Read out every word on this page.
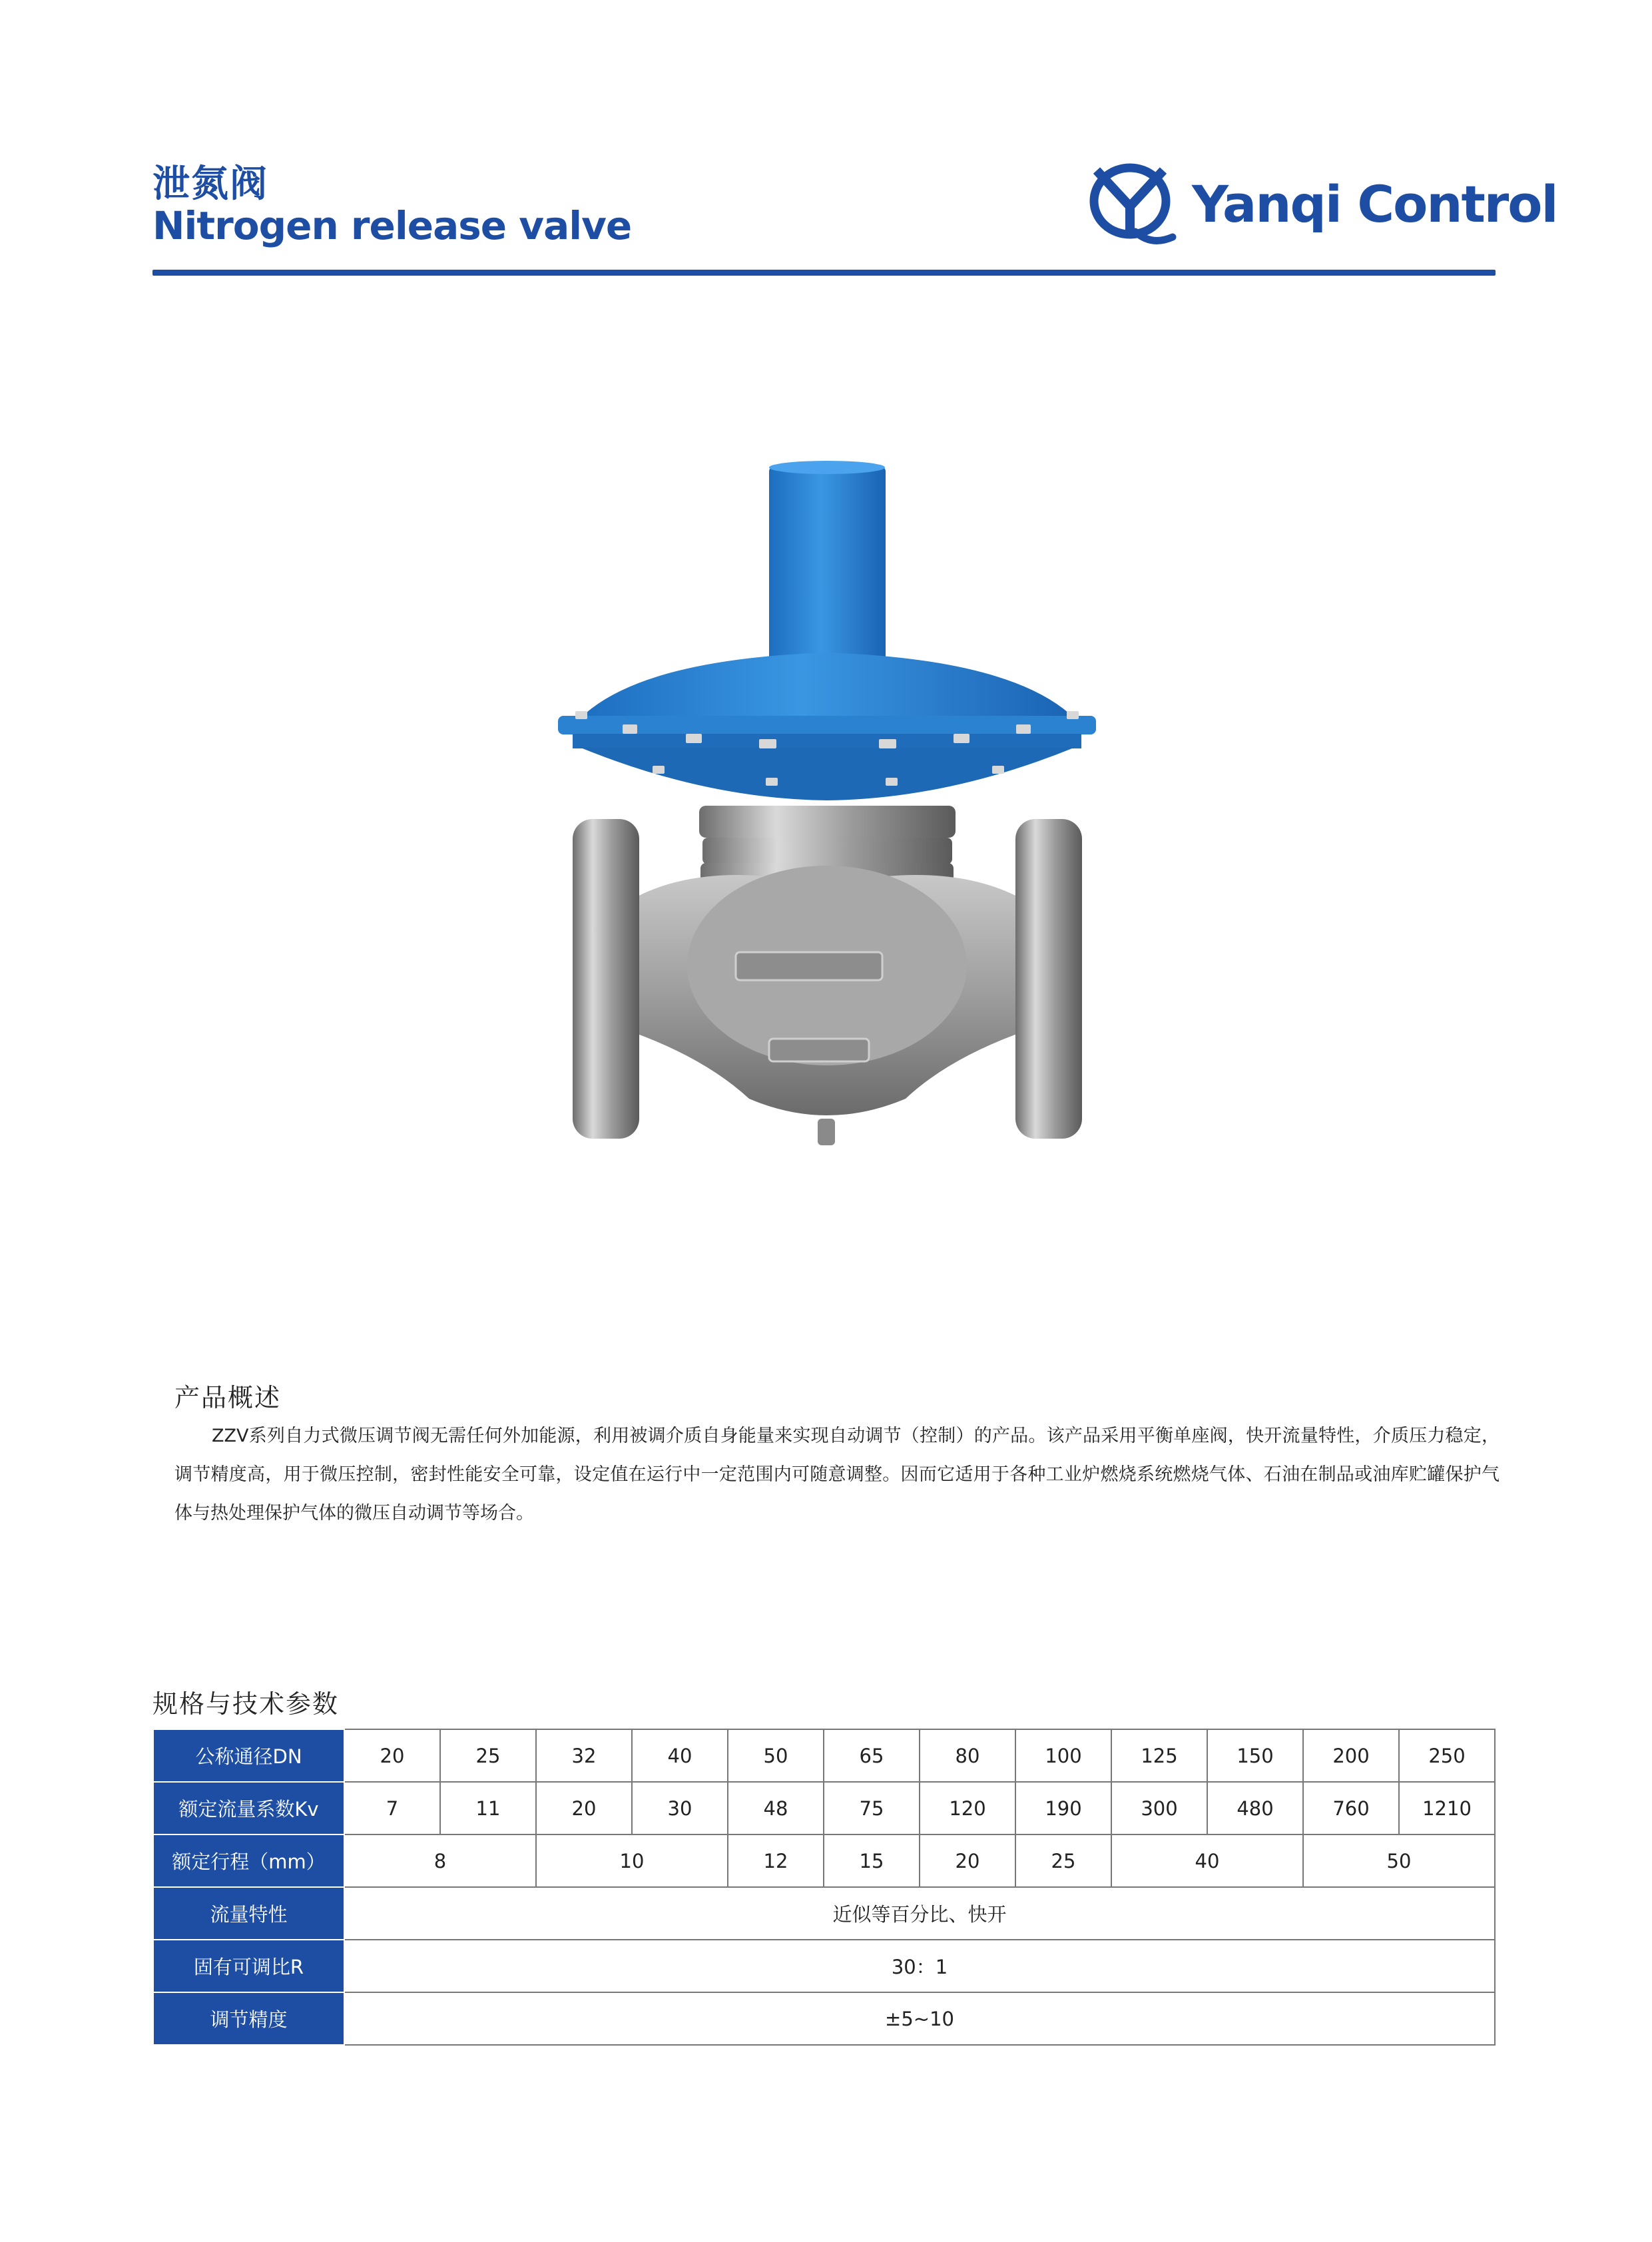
泄氮阀
Nitrogen release valve	Yanqi Control
产品概述
ZZV系列自力式微压调节阀无需任何外加能源，利用被调介质自身能量来实现自动调节（控制）的产品。该产品采用平衡单座阀，快开流量特性，介质压力稳定，调节精度高，用于微压控制，密封性能安全可靠，设定值在运行中一定范围内可随意调整。因而它适用于各种工业炉燃烧系统燃烧气体、石油在制品或油库贮罐保护气体与热处理保护气体的微压自动调节等场合。
规格与技术参数
公称通径DN	20	25	32	40	50	65	80	100	125	150	200	250
额定流量系数Kv	7	11	20	30	48	75	120	190	300	480	760	1210
额定行程（mm）	8		10		12	15	20	25	40		50	
流量特性	近似等百分比、快开											
固有可调比R	30：1											
调节精度	±5~10											
